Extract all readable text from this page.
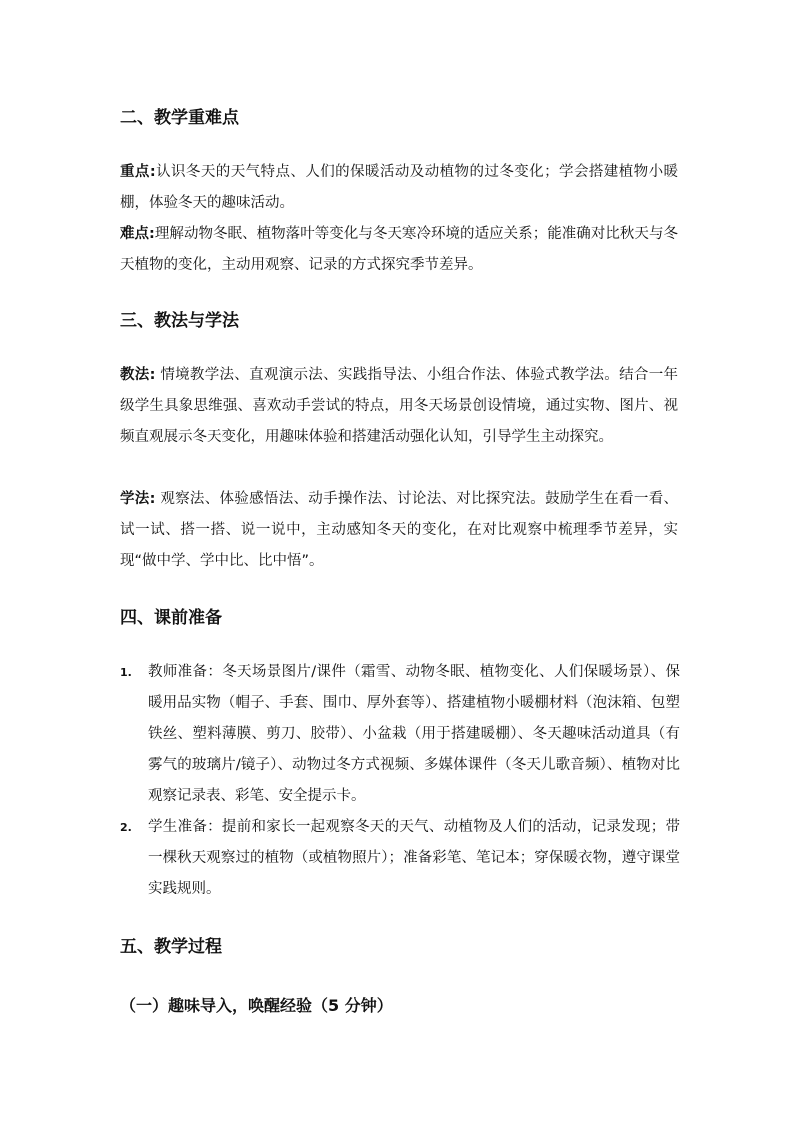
二、教学重难点
重点:认识冬天的天气特点、人们的保暖活动及动植物的过冬变化；学会搭建植物小暖棚，体验冬天的趣味活动。
难点:理解动物冬眠、植物落叶等变化与冬天寒冷环境的适应关系；能准确对比秋天与冬天植物的变化，主动用观察、记录的方式探究季节差异。
三、教法与学法
教法: 情境教学法、直观演示法、实践指导法、小组合作法、体验式教学法。结合一年级学生具象思维强、喜欢动手尝试的特点，用冬天场景创设情境，通过实物、图片、视频直观展示冬天变化，用趣味体验和搭建活动强化认知，引导学生主动探究。
学法: 观察法、体验感悟法、动手操作法、讨论法、对比探究法。鼓励学生在看一看、试一试、搭一搭、说一说中，主动感知冬天的变化，在对比观察中梳理季节差异，实现“做中学、学中比、比中悟”。
四、课前准备
1. 教师准备：冬天场景图片/课件（霜雪、动物冬眠、植物变化、人们保暖场景）、保暖用品实物（帽子、手套、围巾、厚外套等）、搭建植物小暖棚材料（泡沫箱、包塑铁丝、塑料薄膜、剪刀、胶带）、小盆栽（用于搭建暖棚）、冬天趣味活动道具（有雾气的玻璃片/镜子）、动物过冬方式视频、多媒体课件（冬天儿歌音频）、植物对比观察记录表、彩笔、安全提示卡。
2. 学生准备：提前和家长一起观察冬天的天气、动植物及人们的活动，记录发现；带一棵秋天观察过的植物（或植物照片）；准备彩笔、笔记本；穿保暖衣物，遵守课堂实践规则。
五、教学过程
（一）趣味导入，唤醒经验（5 分钟）
